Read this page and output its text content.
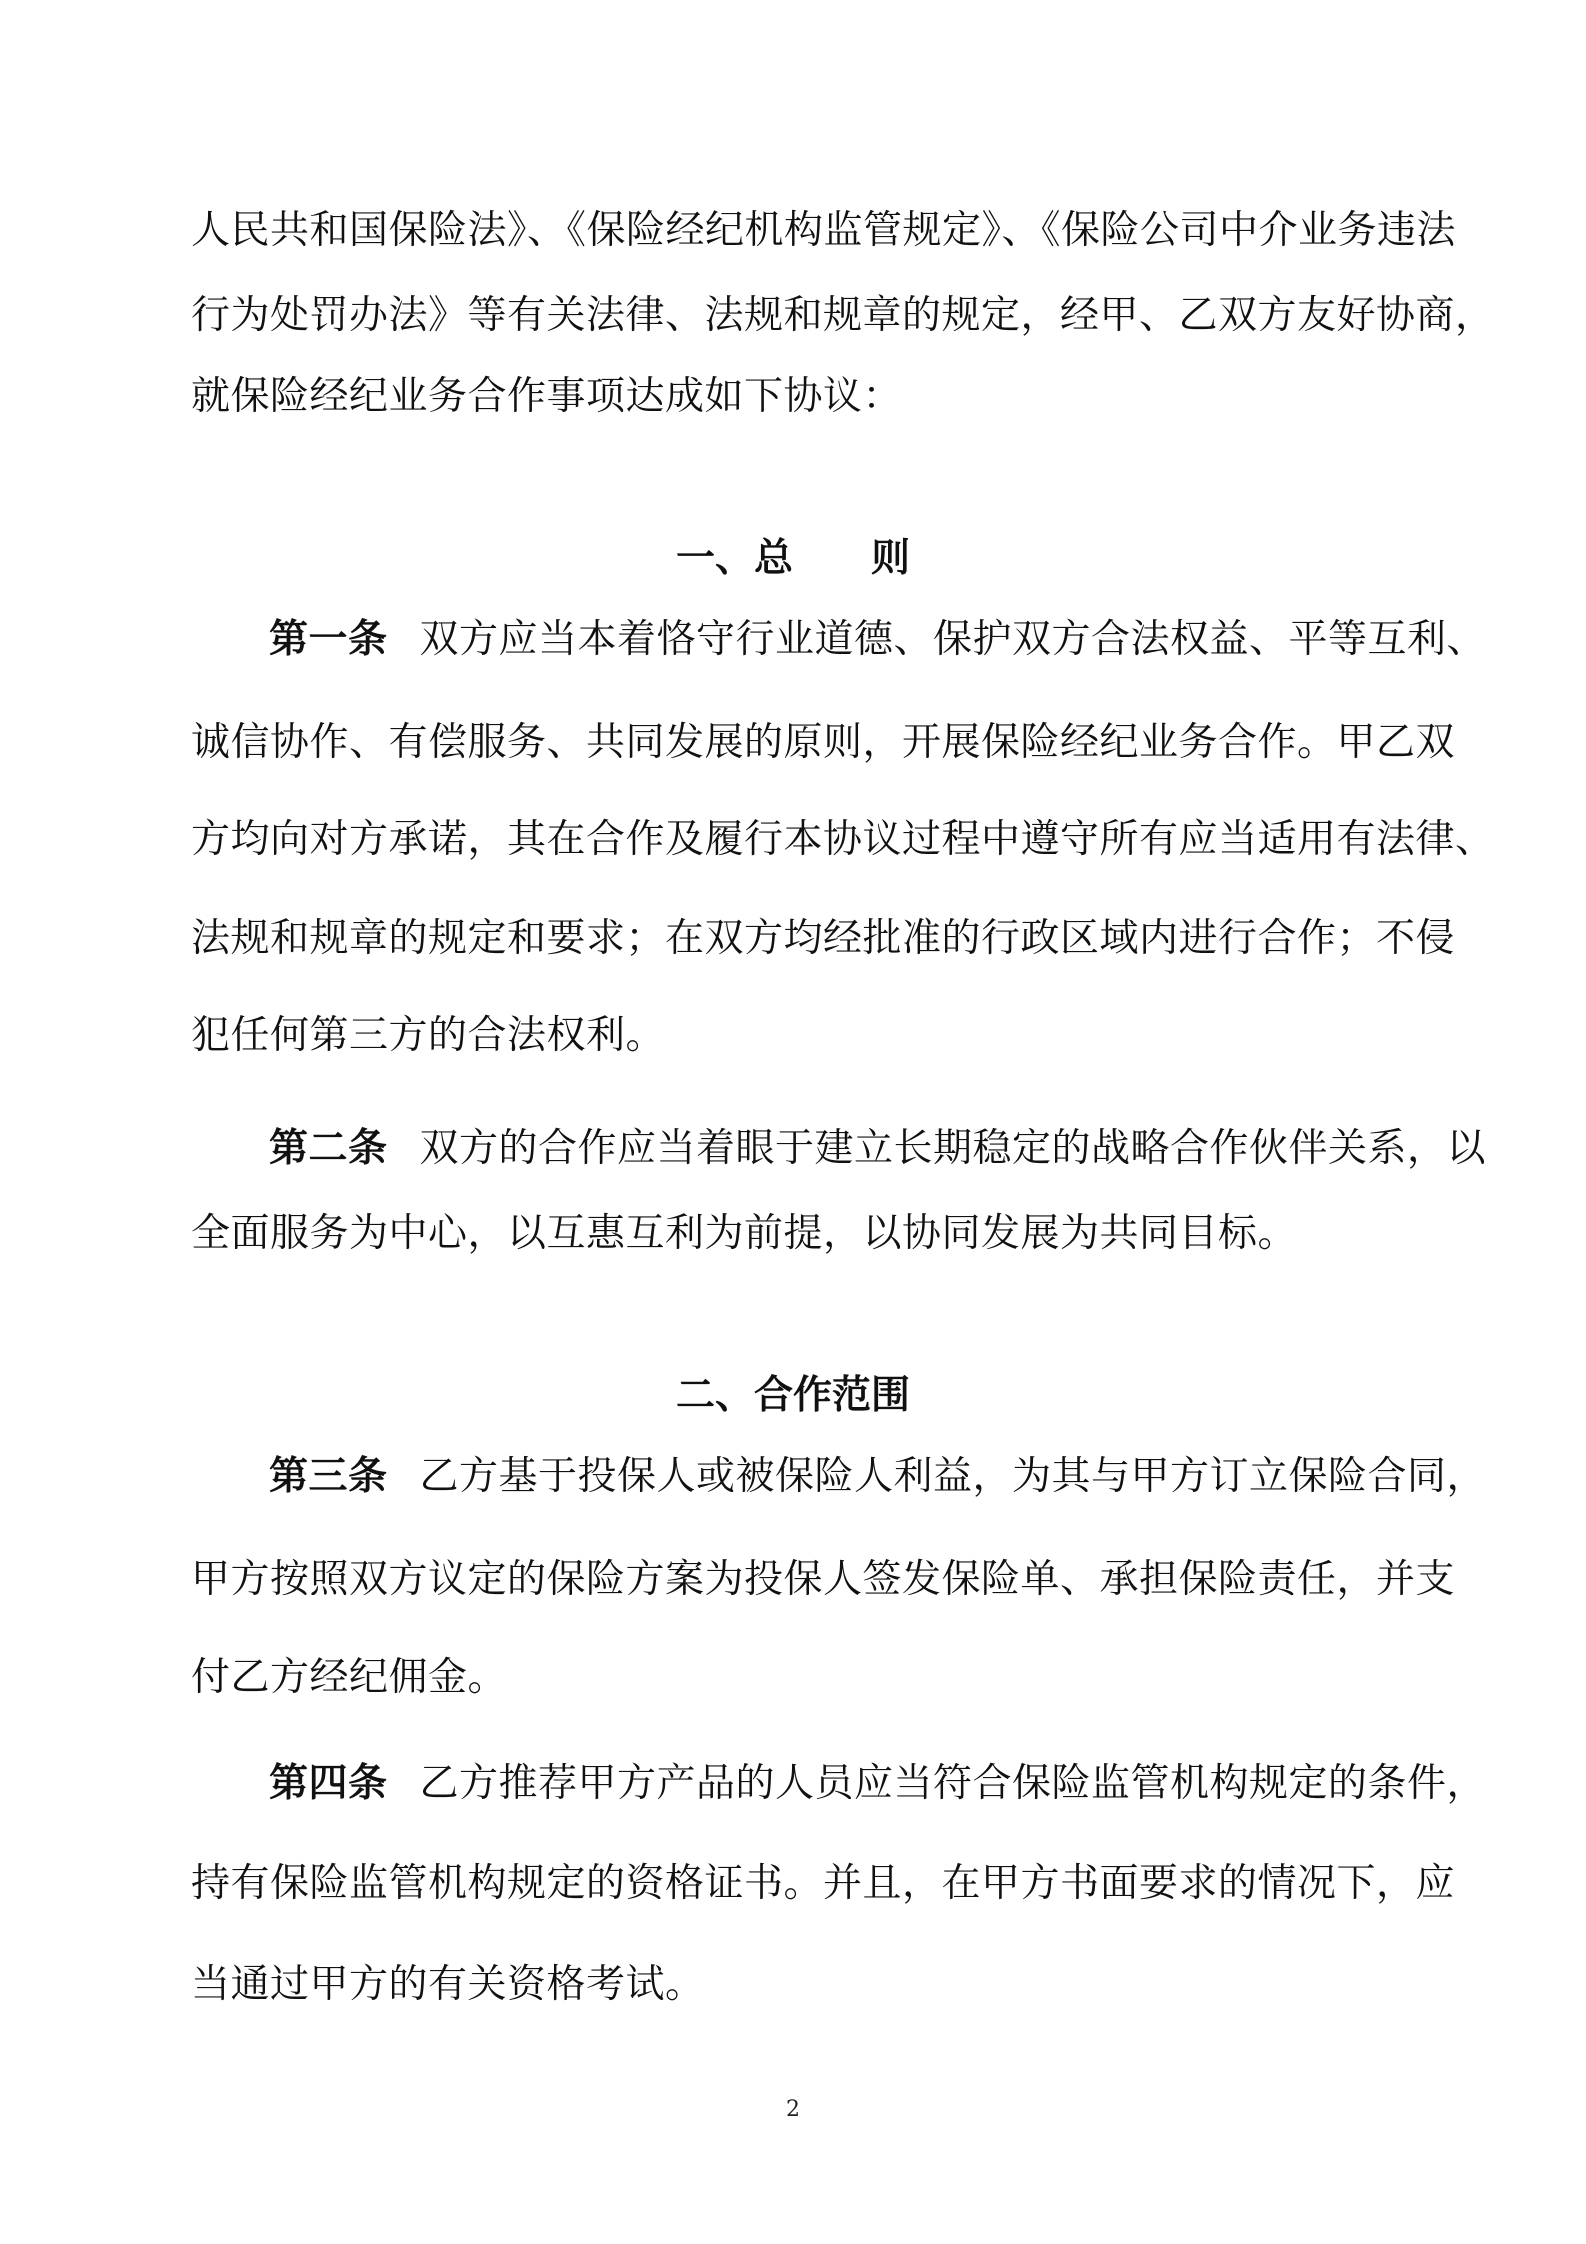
人民共和国保险法》、《保险经纪机构监管规定》、《保险公司中介业务违法
行为处罚办法》等有关法律、法规和规章的规定，经甲、乙双方友好协商，
就保险经纪业务合作事项达成如下协议：
一、总　　则
第一条 双方应当本着恪守行业道德、保护双方合法权益、平等互利、
诚信协作、有偿服务、共同发展的原则，开展保险经纪业务合作。甲乙双
方均向对方承诺，其在合作及履行本协议过程中遵守所有应当适用有法律、
法规和规章的规定和要求；在双方均经批准的行政区域内进行合作；不侵
犯任何第三方的合法权利。
第二条 双方的合作应当着眼于建立长期稳定的战略合作伙伴关系，以
全面服务为中心，以互惠互利为前提，以协同发展为共同目标。
二、合作范围
第三条 乙方基于投保人或被保险人利益，为其与甲方订立保险合同，
甲方按照双方议定的保险方案为投保人签发保险单、承担保险责任，并支
付乙方经纪佣金。
第四条 乙方推荐甲方产品的人员应当符合保险监管机构规定的条件，
持有保险监管机构规定的资格证书。并且，在甲方书面要求的情况下，应
当通过甲方的有关资格考试。
2
